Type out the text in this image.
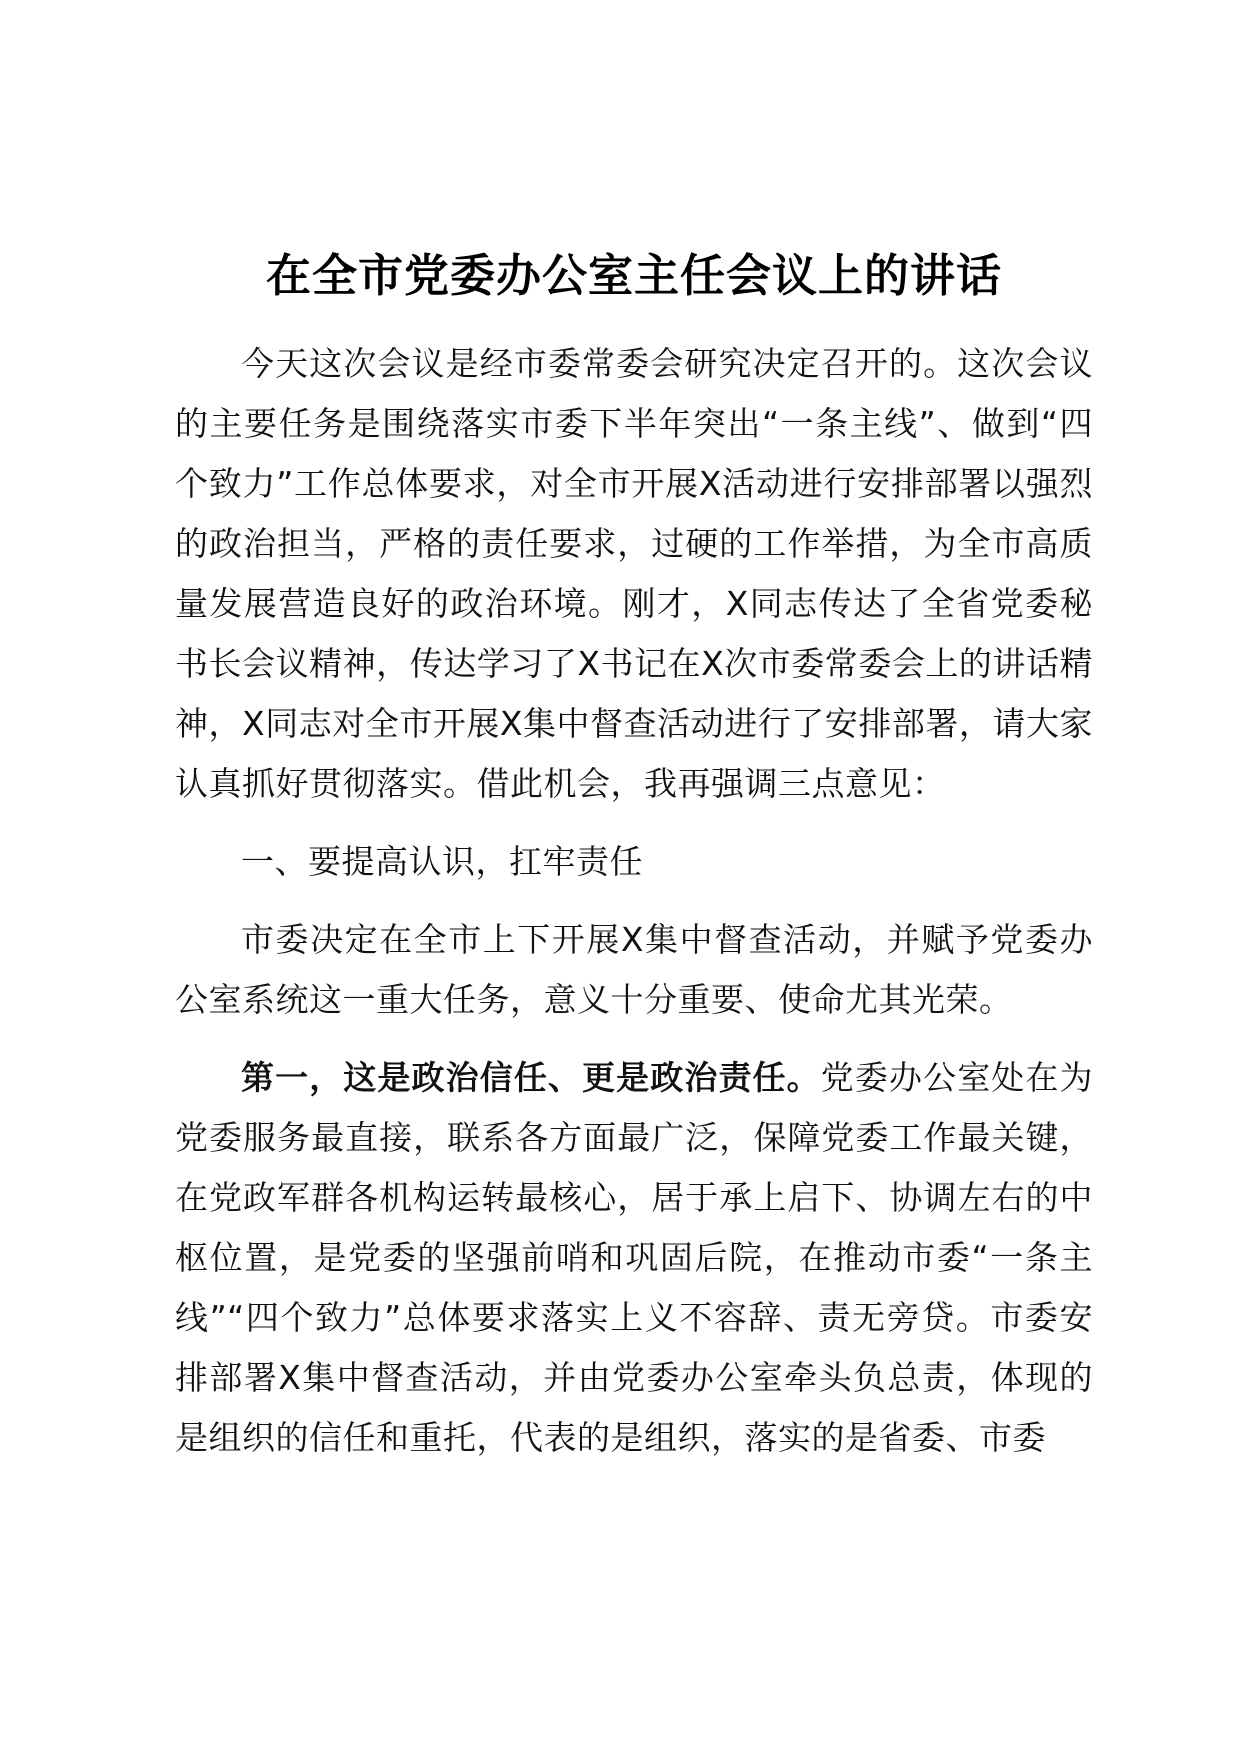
在全市党委办公室主任会议上的讲话

今天这次会议是经市委常委会研究决定召开的。这次会议的主要任务是围绕落实市委下半年突出“一条主线”、做到“四个致力”工作总体要求，对全市开展X活动进行安排部署以强烈的政治担当，严格的责任要求，过硬的工作举措，为全市高质量发展营造良好的政治环境。刚才，X同志传达了全省党委秘书长会议精神，传达学习了X书记在X次市委常委会上的讲话精神，X同志对全市开展X集中督查活动进行了安排部署，请大家认真抓好贯彻落实。借此机会，我再强调三点意见：

一、要提高认识，扛牢责任

市委决定在全市上下开展X集中督查活动，并赋予党委办公室系统这一重大任务，意义十分重要、使命尤其光荣。

第一，这是政治信任、更是政治责任。党委办公室处在为党委服务最直接，联系各方面最广泛，保障党委工作最关键，在党政军群各机构运转最核心，居于承上启下、协调左右的中枢位置，是党委的坚强前哨和巩固后院，在推动市委“一条主线”“四个致力”总体要求落实上义不容辞、责无旁贷。市委安排部署X集中督查活动，并由党委办公室牵头负总责，体现的是组织的信任和重托，代表的是组织，落实的是省委、市委
